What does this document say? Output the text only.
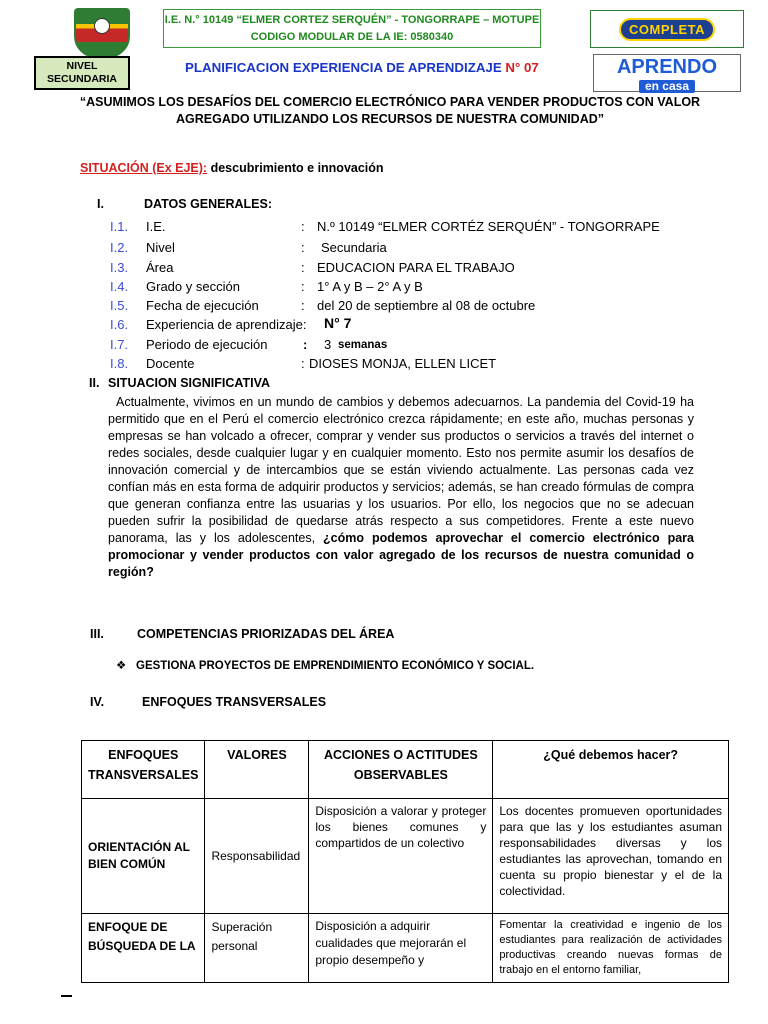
NIVEL
SECUNDARIA
I.E. N.° 10149 “ELMER CORTEZ SERQUÉN” - TONGORRAPE – MOTUPE
CODIGO MODULAR DE LA IE: 0580340
COMPLETA
APRENDO
en casa
PLANIFICACION EXPERIENCIA DE APRENDIZAJE N° 07
“ASUMIMOS LOS DESAFÍOS DEL COMERCIO ELECTRÓNICO PARA VENDER PRODUCTOS CON VALOR AGREGADO UTILIZANDO LOS RECURSOS DE NUESTRA COMUNIDAD”
SITUACIÓN (Ex EJE): descubrimiento e innovación
I.	DATOS GENERALES:
I.1. I.E.	: N.º 10149 “ELMER CORTÉZ SERQUÉN” - TONGORRAPE
I.2. Nivel	: Secundaria
I.3. Área	: EDUCACION PARA EL TRABAJO
I.4. Grado y sección	: 1° A y B – 2° A y B
I.5. Fecha de ejecución	: del 20 de septiembre al 08 de octubre
I.6. Experiencia de aprendizaje: N° 7
I.7. Periodo de ejecución	: 3 semanas
I.8. Docente	: DIOSES MONJA, ELLEN LICET
II. SITUACION SIGNIFICATIVA
Actualmente, vivimos en un mundo de cambios y debemos adecuarnos. La pandemia del Covid-19 ha permitido que en el Perú el comercio electrónico crezca rápidamente; en este año, muchas personas y empresas se han volcado a ofrecer, comprar y vender sus productos o servicios a través del internet o redes sociales, desde cualquier lugar y en cualquier momento. Esto nos permite asumir los desafíos de innovación comercial y de intercambios que se están viviendo actualmente. Las personas cada vez confían más en esta forma de adquirir productos y servicios; además, se han creado fórmulas de compra que generan confianza entre las usuarias y los usuarios. Por ello, los negocios que no se adecuan pueden sufrir la posibilidad de quedarse atrás respecto a sus competidores. Frente a este nuevo panorama, las y los adolescentes, ¿cómo podemos aprovechar el comercio electrónico para promocionar y vender productos con valor agregado de los recursos de nuestra comunidad o región?
III.	COMPETENCIAS PRIORIZADAS DEL ÁREA
❖ GESTIONA PROYECTOS DE EMPRENDIMIENTO ECONÓMICO Y SOCIAL.
IV.	ENFOQUES TRANSVERSALES
ENFOQUES TRANSVERSALES	VALORES	ACCIONES O ACTITUDES OBSERVABLES	¿Qué debemos hacer?
ORIENTACIÓN AL BIEN COMÚN	Responsabilidad	Disposición a valorar y proteger los bienes comunes y compartidos de un colectivo	Los docentes promueven oportunidades para que las y los estudiantes asuman responsabilidades diversas y los estudiantes las aprovechan, tomando en cuenta su propio bienestar y el de la colectividad.
ENFOQUE DE BÚSQUEDA DE LA	Superación personal	Disposición a adquirir cualidades que mejorarán el propio desempeño y	Fomentar la creatividad e ingenio de los estudiantes para realización de actividades productivas creando nuevas formas de trabajo en el entorno familiar,
